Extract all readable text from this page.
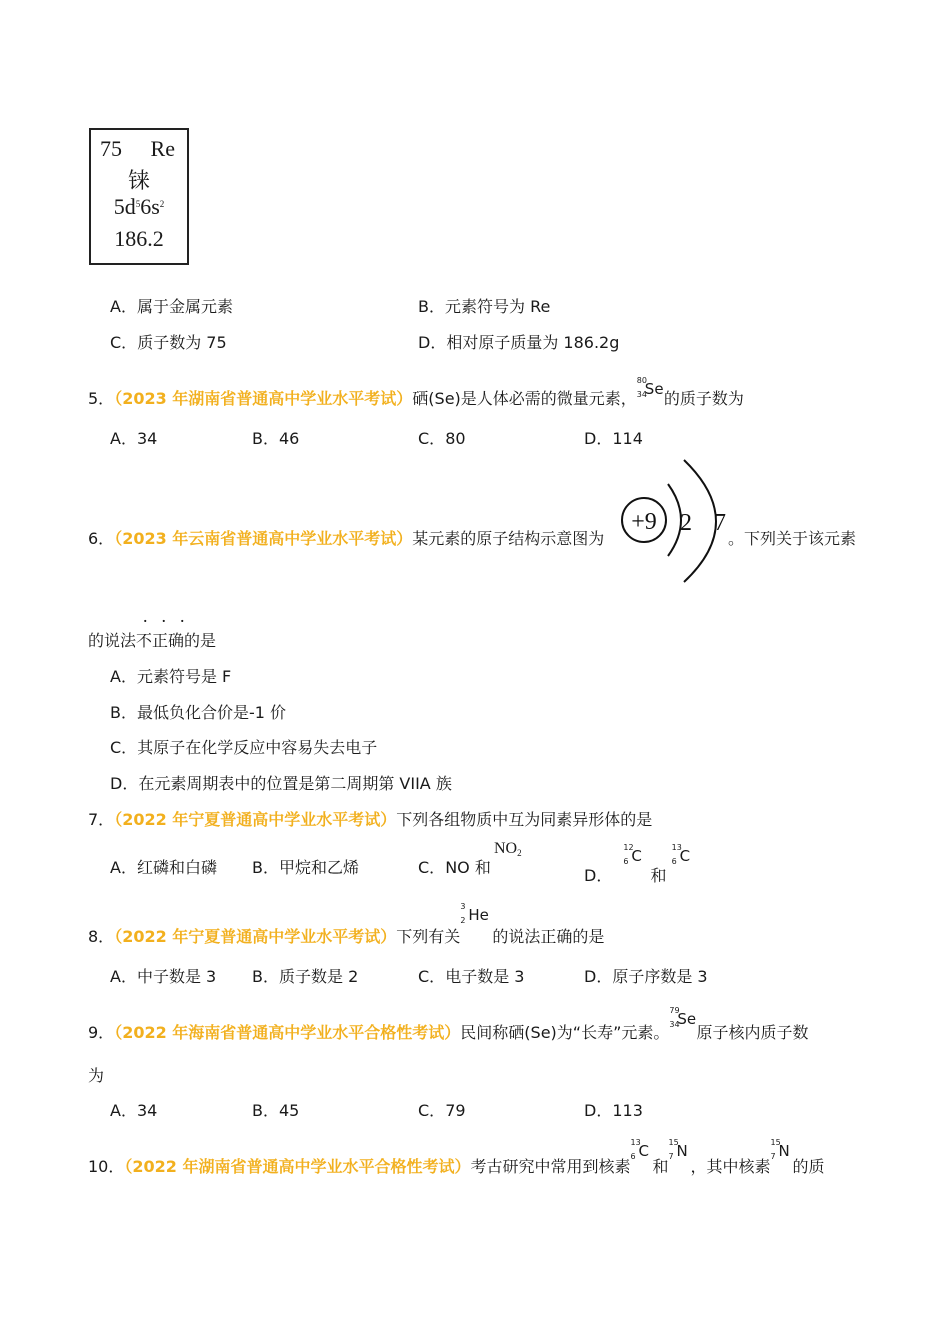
75 Re
铼
$5d^56s^2$
186.2
A．属于金属元素	B．元素符号为 Re
C．质子数为 75	D．相对原子质量为 186.2g
5．（2023 年湖南省普通高中学业水平考试）硒(Se)是人体必需的微量元素，
80
34
Se
的质子数为
A．34	B．46	C．80	D．114
6．（2023 年云南省普通高中学业水平考试）某元素的原子结构示意图为
+9 2 7
。下列关于该元素
...
的说法不正确的是
A．元素符号是 F
B．最低负化合价是-1 价
C．其原子在化学反应中容易失去电子
D．在元素周期表中的位置是第二周期第 VIIA 族
7．（2022 年宁夏普通高中学业水平考试）下列各组物质中互为同素异形体的是
A．红磷和白磷 B．甲烷和乙烯	C．NO 和
NO2
D．
12
6 C
和
13
6 C
8．（2022 年宁夏普通高中学业水平考试）下列有关
3
2 He
的说法正确的是
A．中子数是 3 B．质子数是 2	C．电子数是 3	D．原子序数是 3
9．（2022 年海南省普通高中学业水平合格性考试）民间称硒(Se)为“长寿”元素。
79
34
Se
原子核内质子数
为
A．34	B．45	C．79	D．113
10．（2022 年湖南省普通高中学业水平合格性考试）考古研究中常用到核素
13
6 C
和
15
7 N
，其中核素
15
7 N
的质
